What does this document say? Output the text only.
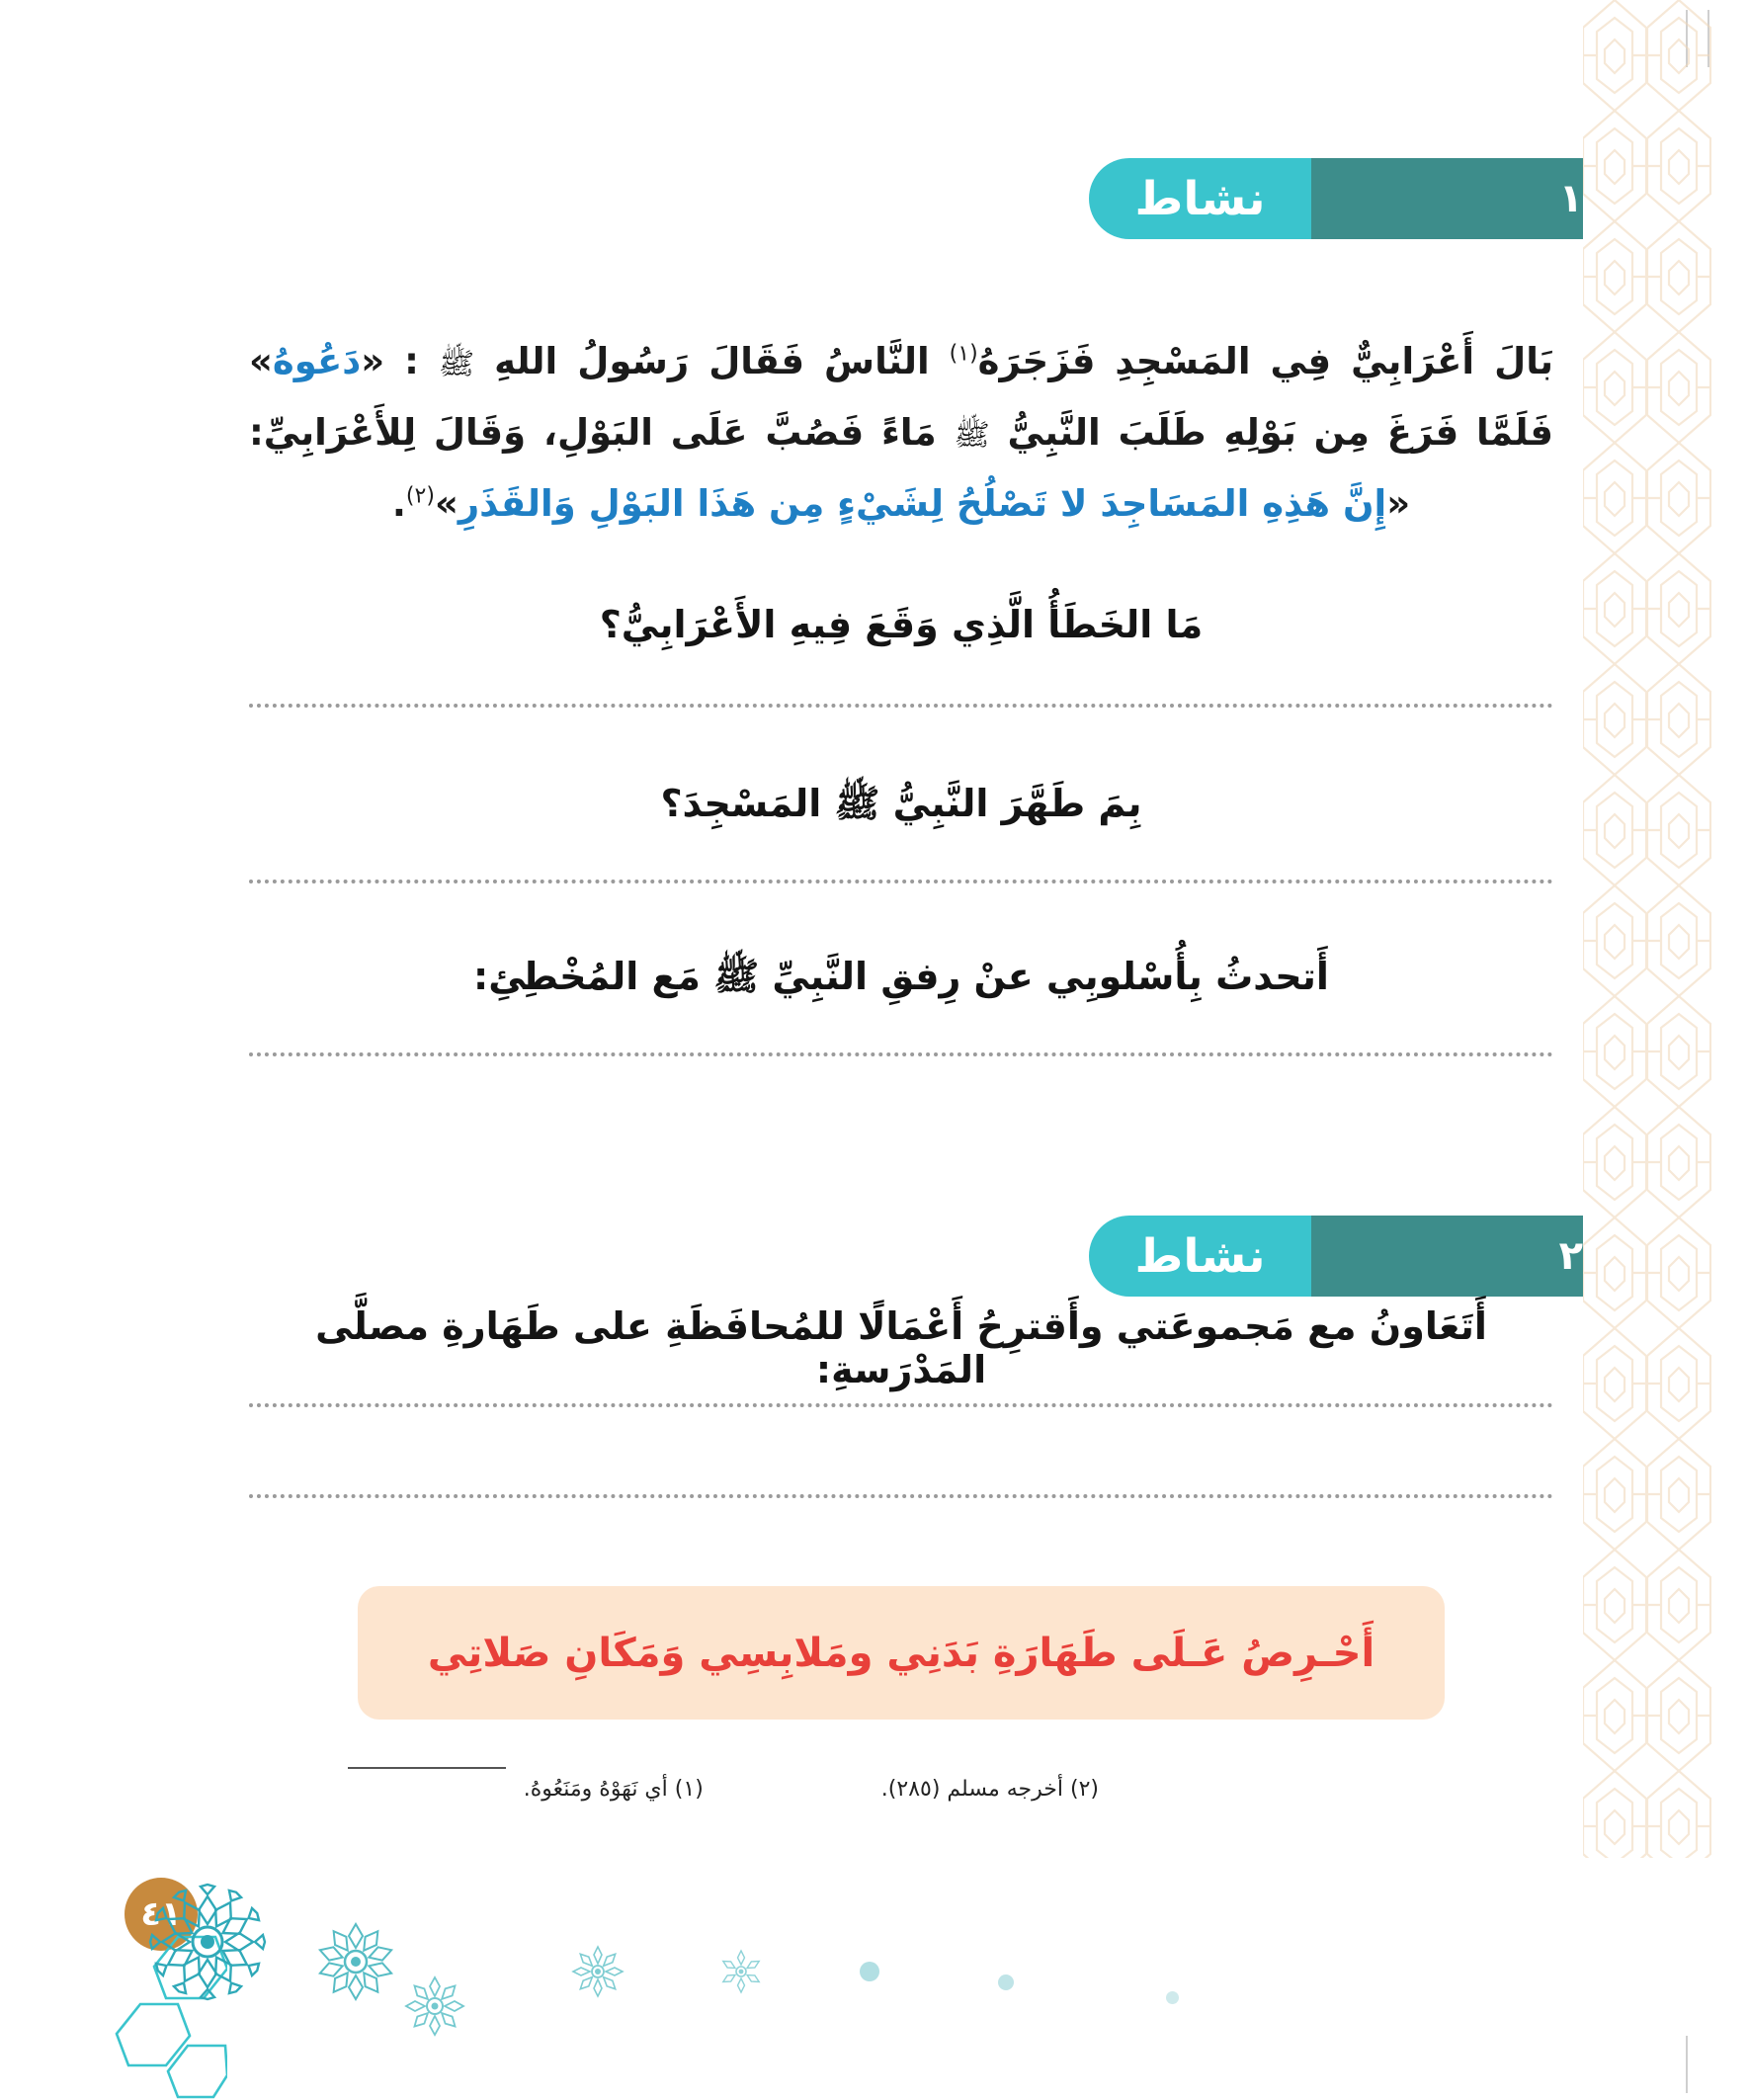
نشاط	١
بَالَ أَعْرَابِيٌّ فِي المَسْجِدِ فَزَجَرَهُ$^{(١)}$ النَّاسُ فَقَالَ رَسُولُ اللهِ ﷺ : «دَعُوهُ» فَلَمَّا فَرَغَ مِن بَوْلِهِ طَلَبَ النَّبِيُّ ﷺ مَاءً فَصُبَّ عَلَى البَوْلِ، وَقَالَ لِلأَعْرَابِيِّ: «إِنَّ هَذِهِ المَسَاجِدَ لا تَصْلُحُ لِشَيْءٍ مِن هَذَا البَوْلِ وَالقَذَرِ»$^{(٢)}$.
مَا الخَطَأُ الَّذِي وَقَعَ فِيهِ الأَعْرَابِيُّ؟
بِمَ طَهَّرَ النَّبِيُّ ﷺ المَسْجِدَ؟
أَتحدثُ بِأُسْلوبِي عنْ رِفقِ النَّبِيِّ ﷺ مَع المُخْطِئِ:
نشاط	٢
أَتَعَاونُ مع مَجموعَتي وأَقترِحُ أَعْمَالًا للمُحافَظَةِ على طَهَارةِ مصلَّى المَدْرَسةِ:
أَحْـرِصُ عَـلَى طَهَارَةِ بَدَنِي ومَلابِسِي وَمَكَانِ صَلاتِي
(٢) أخرجه مسلم (٢٨٥).
(١) أي نَهَوْهُ ومَنَعُوهُ.
٤١
